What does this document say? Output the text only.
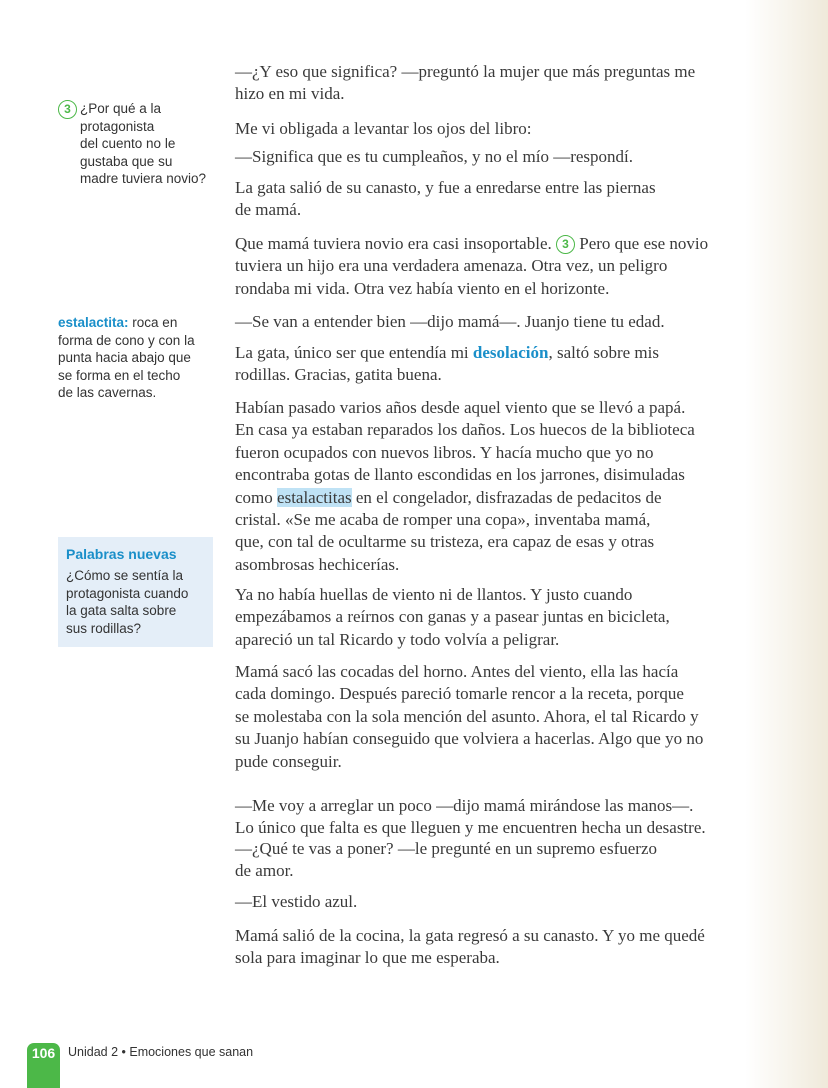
3 ¿Por qué a la
protagonista
del cuento no le
gustaba que su
madre tuviera novio?
estalactita: roca en
forma de cono y con la
punta hacia abajo que
se forma en el techo
de las cavernas.
Palabras nuevas
¿Cómo se sentía la
protagonista cuando
la gata salta sobre
sus rodillas?
—¿Y eso que significa? —preguntó la mujer que más preguntas me
hizo en mi vida.
Me vi obligada a levantar los ojos del libro:
—Significa que es tu cumpleaños, y no el mío —respondí.
La gata salió de su canasto, y fue a enredarse entre las piernas
de mamá.
Que mamá tuviera novio era casi insoportable. 3 Pero que ese novio
tuviera un hijo era una verdadera amenaza. Otra vez, un peligro
rondaba mi vida. Otra vez había viento en el horizonte.
—Se van a entender bien —dijo mamá—. Juanjo tiene tu edad.
La gata, único ser que entendía mi desolación, saltó sobre mis
rodillas. Gracias, gatita buena.
Habían pasado varios años desde aquel viento que se llevó a papá.
En casa ya estaban reparados los daños. Los huecos de la biblioteca
fueron ocupados con nuevos libros. Y hacía mucho que yo no
encontraba gotas de llanto escondidas en los jarrones, disimuladas
como estalactitas en el congelador, disfrazadas de pedacitos de
cristal. «Se me acaba de romper una copa», inventaba mamá,
que, con tal de ocultarme su tristeza, era capaz de esas y otras
asombrosas hechicerías.
Ya no había huellas de viento ni de llantos. Y justo cuando
empezábamos a reírnos con ganas y a pasear juntas en bicicleta,
apareció un tal Ricardo y todo volvía a peligrar.
Mamá sacó las cocadas del horno. Antes del viento, ella las hacía
cada domingo. Después pareció tomarle rencor a la receta, porque
se molestaba con la sola mención del asunto. Ahora, el tal Ricardo y
su Juanjo habían conseguido que volviera a hacerlas. Algo que yo no
pude conseguir.
—Me voy a arreglar un poco —dijo mamá mirándose las manos—.
Lo único que falta es que lleguen y me encuentren hecha un desastre.
—¿Qué te vas a poner? —le pregunté en un supremo esfuerzo
de amor.
—El vestido azul.
Mamá salió de la cocina, la gata regresó a su canasto. Y yo me quedé
sola para imaginar lo que me esperaba.
106	Unidad 2 • Emociones que sanan
